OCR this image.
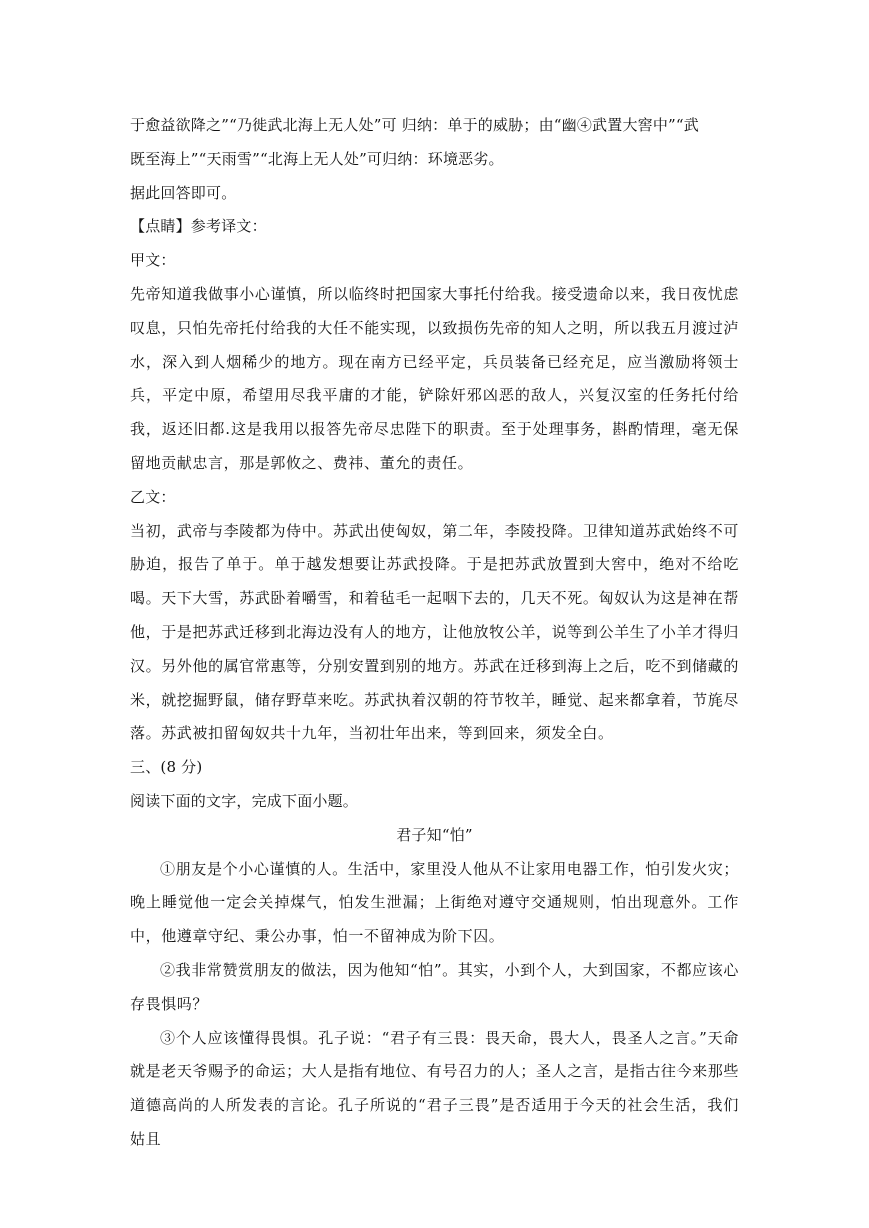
于愈益欲降之”“乃徙武北海上无人处”可 归纳：单于的威胁；由“幽④武置大窖中”“武
既至海上”“天雨雪”“北海上无人处”可归纳：环境恶劣。
据此回答即可。
【点睛】参考译文：
甲文：

先帝知道我做事小心谨慎，所以临终时把国家大事托付给我。接受遗命以来，我日夜忧虑叹息，只怕先帝托付给我的大任不能实现，以致损伤先帝的知人之明，所以我五月渡过泸水，深入到人烟稀少的地方。现在南方已经平定，兵员装备已经充足，应当激励将领士兵，平定中原，希望用尽我平庸的才能，铲除奸邪凶恶的敌人，兴复汉室的任务托付给我，返还旧都.这是我用以报答先帝尽忠陛下的职责。至于处理事务，斟酌情理，毫无保留地贡献忠言，那是郭攸之、费祎、董允的责任。

乙文：

当初，武帝与李陵都为侍中。苏武出使匈奴，第二年，李陵投降。卫律知道苏武始终不可胁迫，报告了单于。单于越发想要让苏武投降。于是把苏武放置到大窖中，绝对不给吃喝。天下大雪，苏武卧着嚼雪，和着毡毛一起咽下去的，几天不死。匈奴认为这是神在帮他，于是把苏武迁移到北海边没有人的地方，让他放牧公羊，说等到公羊生了小羊才得归汉。另外他的属官常惠等，分别安置到别的地方。苏武在迁移到海上之后，吃不到储藏的米，就挖掘野鼠，储存野草来吃。苏武执着汉朝的符节牧羊，睡觉、起来都拿着，节旄尽落。苏武被扣留匈奴共十九年，当初壮年出来，等到回来，须发全白。

三、(8 分)
阅读下面的文字，完成下面小题。
君子知“怕”

①朋友是个小心谨慎的人。生活中，家里没人他从不让家用电器工作，怕引发火灾；晚上睡觉他一定会关掉煤气，怕发生泄漏；上街绝对遵守交通规则，怕出现意外。工作中，他遵章守纪、秉公办事，怕一不留神成为阶下囚。

②我非常赞赏朋友的做法，因为他知“怕”。其实，小到个人，大到国家，不都应该心存畏惧吗？

③个人应该懂得畏惧。孔子说：“君子有三畏：畏天命，畏大人，畏圣人之言。”天命就是老天爷赐予的命运；大人是指有地位、有号召力的人；圣人之言，是指古往今来那些道德高尚的人所发表的言论。孔子所说的“君子三畏”是否适用于今天的社会生活，我们姑且
